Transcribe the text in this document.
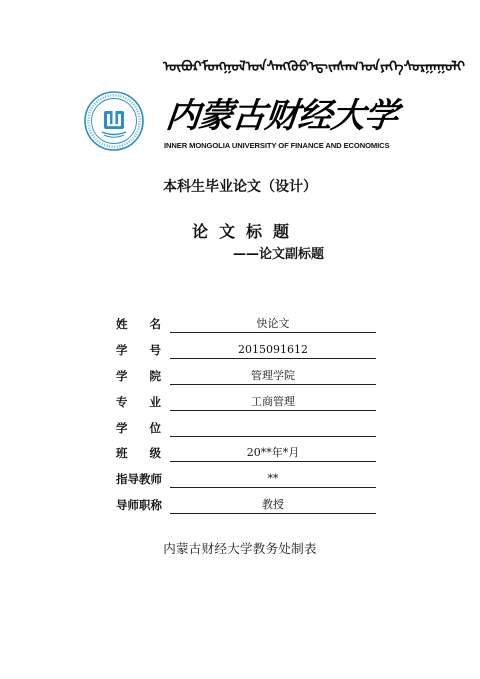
ᠥᠪᠥᠷ ᠮᠣᠩᠭᠣᠯ ᠤᠨ ᠰᠠᠩᠬᠦᠦ ᠡᠳ᠋ ᠵᠠᠰᠠᠭ ᠤᠨ ᠶᠡᠬᠡ ᠰᠤᠷᠭᠠᠭᠤᠯᠢ
内蒙古财经大学
INNER MONGOLIA UNIVERSITY OF FINANCE AND ECONOMICS
本科生毕业论文（设计）
论文标题
——论文副标题
姓 名	快论文
学 号	2015091612
学 院	管理学院
专 业	工商管理
学 位
班 级	20**年*月
指导教师	**
导师职称	教授
内蒙古财经大学教务处制表
